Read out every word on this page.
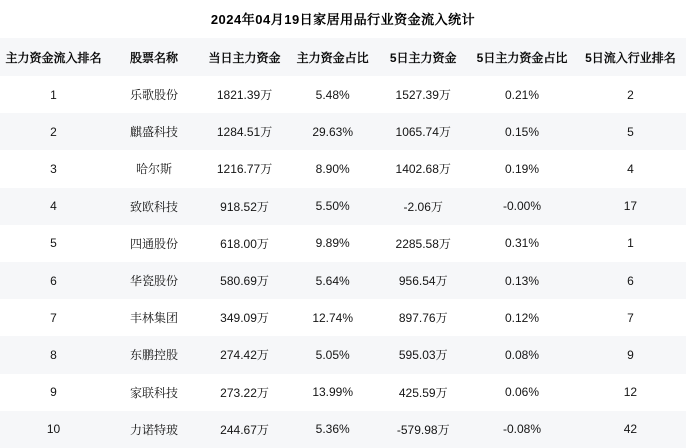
2024年04月19日家居用品行业资金流入统计
主力资金流入排名	股票名称	当日主力资金	主力资金占比	5日主力资金	5日主力资金占比	5日流入行业排名
1	乐歌股份	1821.39万	5.48%	1527.39万	0.21%	2
2	麒盛科技	1284.51万	29.63%	1065.74万	0.15%	5
3	哈尔斯	1216.77万	8.90%	1402.68万	0.19%	4
4	致欧科技	918.52万	5.50%	-2.06万	-0.00%	17
5	四通股份	618.00万	9.89%	2285.58万	0.31%	1
6	华瓷股份	580.69万	5.64%	956.54万	0.13%	6
7	丰林集团	349.09万	12.74%	897.76万	0.12%	7
8	东鹏控股	274.42万	5.05%	595.03万	0.08%	9
9	家联科技	273.22万	13.99%	425.59万	0.06%	12
10	力诺特玻	244.67万	5.36%	-579.98万	-0.08%	42
